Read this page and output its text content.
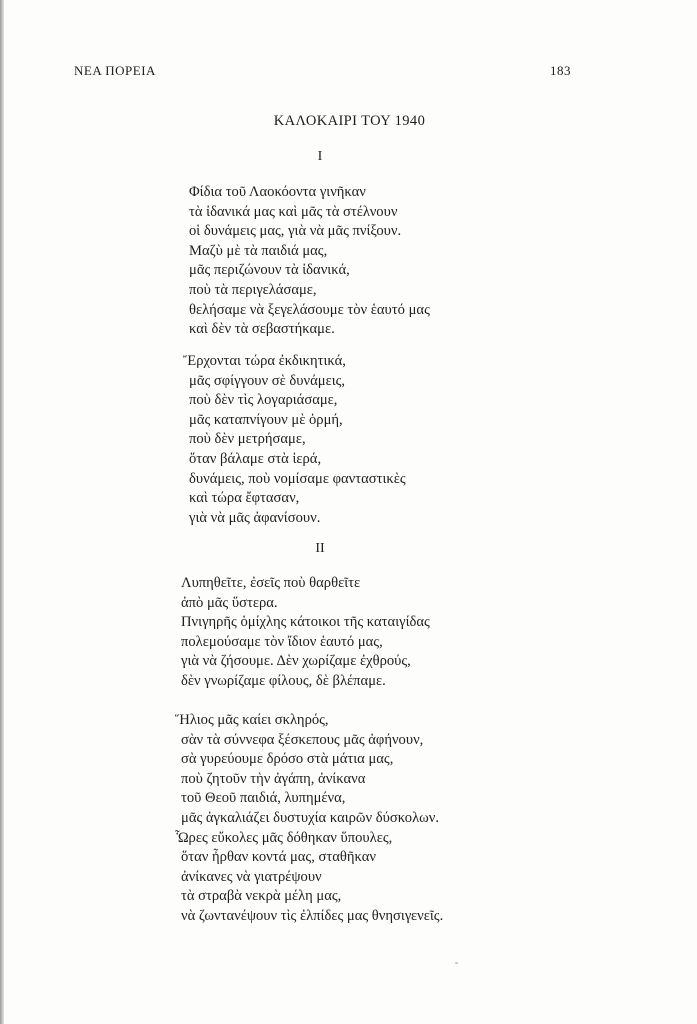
ΝΕΑ ΠΟΡΕΙΑ	183
ΚΑΛΟΚΑΙΡΙ ΤΟΥ 1940
I
Φίδια τοῦ Λαοκόοντα γινῆκαν
τὰ ἰδανικά μας καὶ μᾶς τὰ στέλνουν
οἱ δυνάμεις μας, γιὰ νὰ μᾶς πνίξουν.
Μαζὺ μὲ τὰ παιδιά μας,
μᾶς περιζώνουν τὰ ἰδανικά,
ποὺ τὰ περιγελάσαμε,
θελήσαμε νὰ ξεγελάσουμε τὸν ἑαυτό μας
καὶ δὲν τὰ σεβαστήκαμε.
Ἔρχονται τώρα ἐκδικητικά,
μᾶς σφίγγουν σὲ δυνάμεις,
ποὺ δὲν τὶς λογαριάσαμε,
μᾶς καταπνίγουν μὲ ὁρμή,
ποὺ δὲν μετρήσαμε,
ὅταν βάλαμε στὰ ἱερά,
δυνάμεις, ποὺ νομίσαμε φανταστικὲς
καὶ τώρα ἔφτασαν,
γιὰ νὰ μᾶς ἀφανίσουν.
II
Λυπηθεῖτε, ἐσεῖς ποὺ θαρθεῖτε
ἀπὸ μᾶς ὕστερα.
Πνιγηρῆς ὁμίχλης κάτοικοι τῆς καταιγίδας
πολεμούσαμε τὸν ἴδιον ἑαυτό μας,
γιὰ νὰ ζήσουμε. Δὲν χωρίζαμε ἐχθρούς,
δὲν γνωρίζαμε φίλους, δὲ βλέπαμε.
Ἥλιος μᾶς καίει σκληρός,
σὰν τὰ σύννεφα ξέσκεπους μᾶς ἀφήνουν,
σὰ γυρεύουμε δρόσο στὰ μάτια μας,
ποὺ ζητοῦν τὴν ἀγάπη, ἀνίκανα
τοῦ Θεοῦ παιδιά, λυπημένα,
μᾶς ἀγκαλιάζει δυστυχία καιρῶν δύσκολων.
Ὧρες εὔκολες μᾶς δόθηκαν ὕπουλες,
ὅταν ἦρθαν κοντά μας, σταθῆκαν
ἀνίκανες νὰ γιατρέψουν
τὰ στραβὰ νεκρὰ μέλη μας,
νὰ ζωντανέψουν τὶς ἐλπίδες μας θνησιγενεῖς.
